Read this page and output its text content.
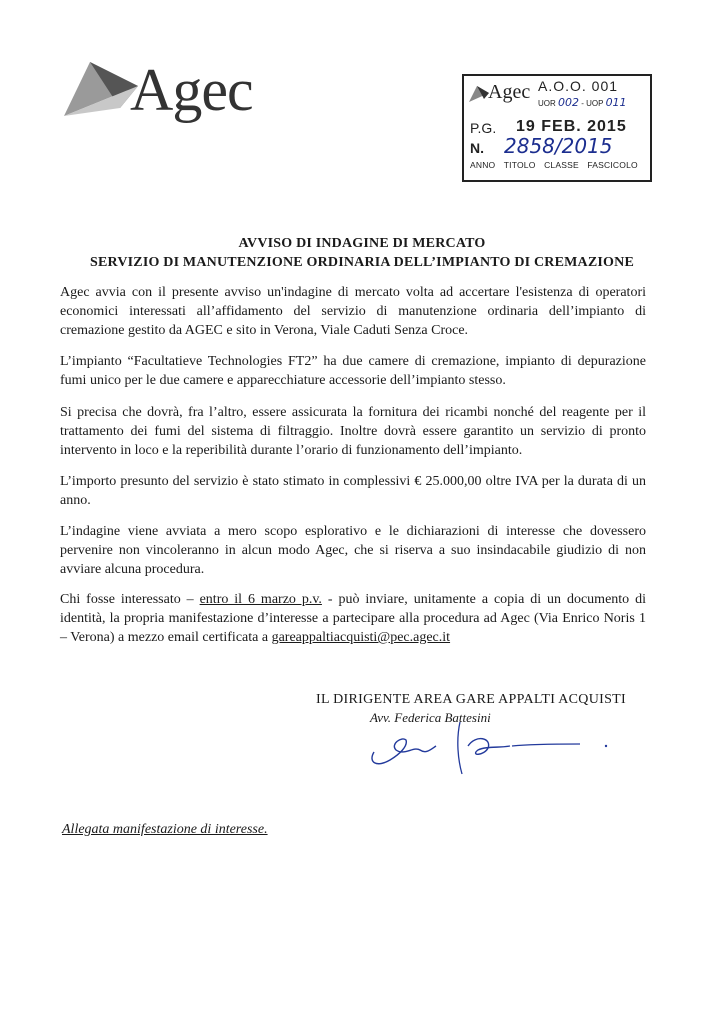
Agec	Agec A.O.O. 001
UOR 002 - UOP 011
P.G. 19 FEB. 2015
N. 2858/2015
ANNO TITOLO CLASSE FASCICOLO
AVVISO DI INDAGINE DI MERCATO
SERVIZIO DI MANUTENZIONE ORDINARIA DELL’IMPIANTO DI CREMAZIONE
Agec avvia con il presente avviso un'indagine di mercato volta ad accertare l'esistenza di operatori economici interessati all’affidamento del servizio di manutenzione ordinaria dell’impianto di cremazione gestito da AGEC e sito in Verona, Viale Caduti Senza Croce.
L’impianto “Facultatieve Technologies FT2” ha due camere di cremazione, impianto di depurazione fumi unico per le due camere e apparecchiature accessorie dell’impianto stesso.
Si precisa che dovrà, fra l’altro, essere assicurata la fornitura dei ricambi nonché del reagente per il trattamento dei fumi del sistema di filtraggio. Inoltre dovrà essere garantito un servizio di pronto intervento in loco e la reperibilità durante l’orario di funzionamento dell’impianto.
L’importo presunto del servizio è stato stimato in complessivi € 25.000,00 oltre IVA per la durata di un anno.
L’indagine viene avviata a mero scopo esplorativo e le dichiarazioni di interesse che dovessero pervenire non vincoleranno in alcun modo Agec, che si riserva a suo insindacabile giudizio di non avviare alcuna procedura.
Chi fosse interessato – entro il 6 marzo p.v. - può inviare, unitamente a copia di un documento di identità, la propria manifestazione d’interesse a partecipare alla procedura ad Agec (Via Enrico Noris 1 – Verona) a mezzo email certificata a gareappaltiacquisti@pec.agec.it
IL DIRIGENTE AREA GARE APPALTI ACQUISTI
Avv. Federica Battesini
Allegata manifestazione di interesse.
